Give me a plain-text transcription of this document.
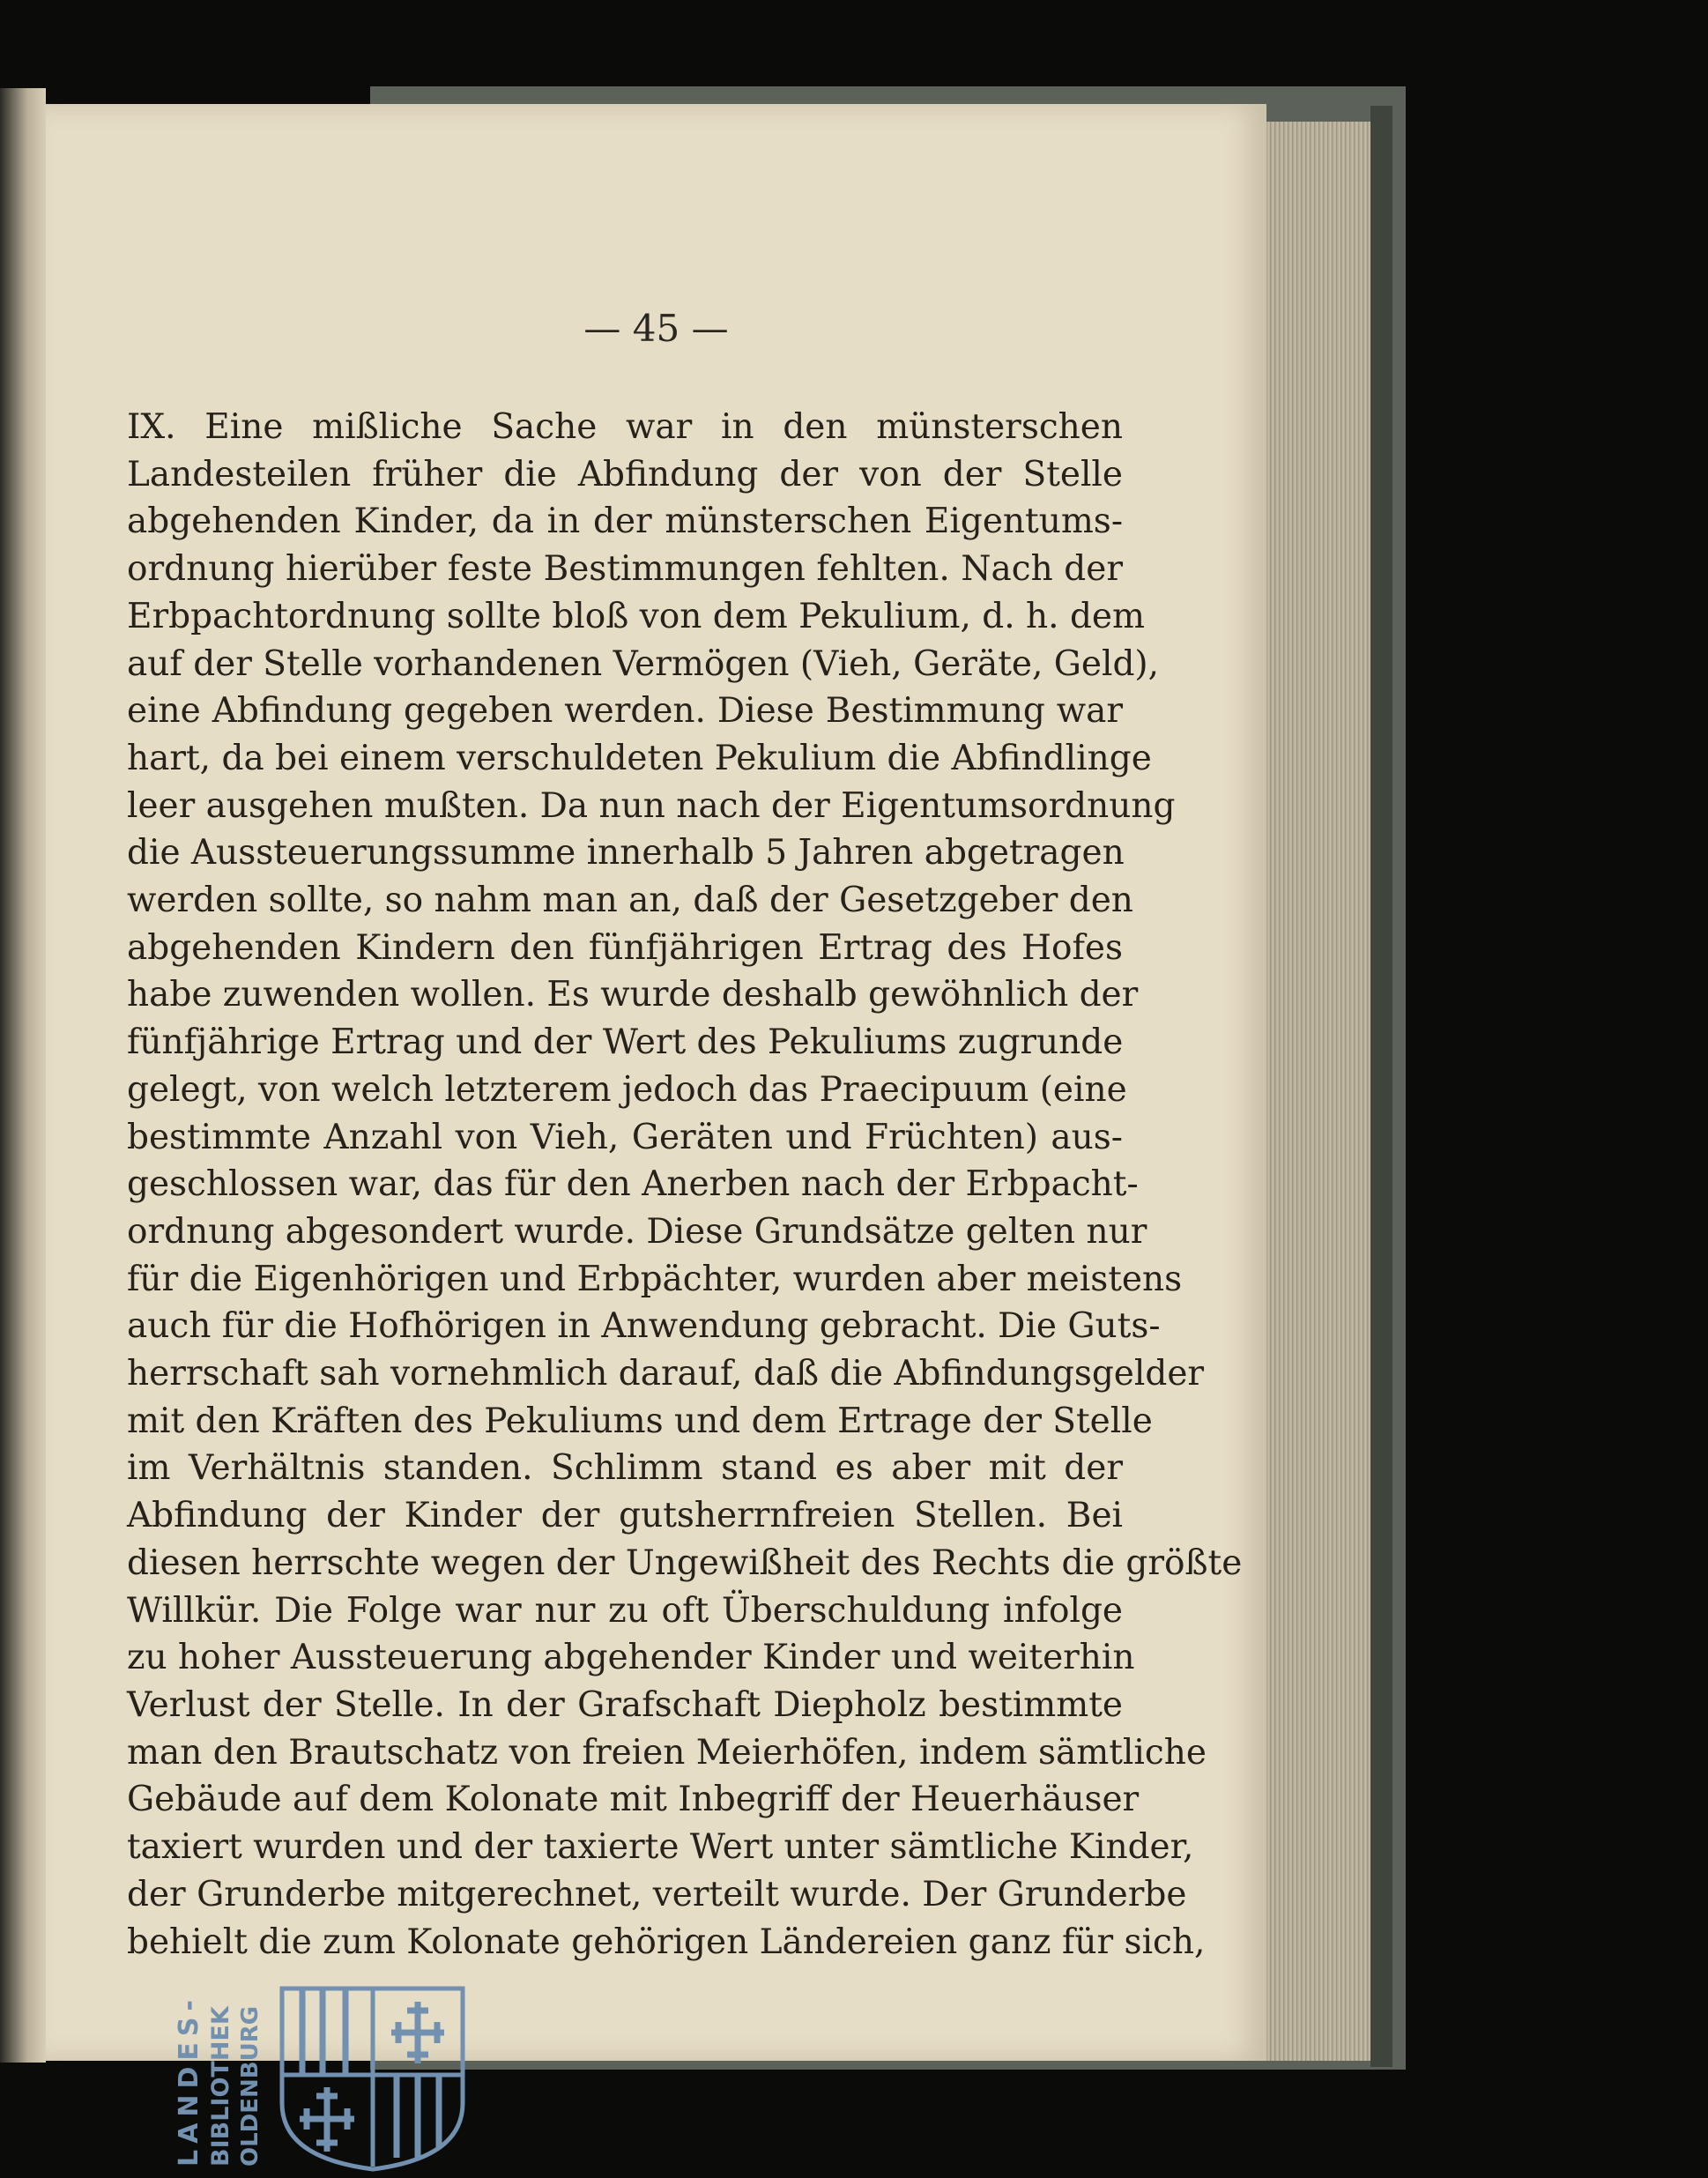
— 45 —
IX. Eine mißliche Sache war in den münsterschen
Landesteilen früher die Abfindung der von der Stelle
abgehenden Kinder, da in der münsterschen Eigentums-
ordnung hierüber feste Bestimmungen fehlten. Nach der
Erbpachtordnung sollte bloß von dem Pekulium, d. h. dem
auf der Stelle vorhandenen Vermögen (Vieh, Geräte, Geld),
eine Abfindung gegeben werden. Diese Bestimmung war
hart, da bei einem verschuldeten Pekulium die Abfindlinge
leer ausgehen mußten. Da nun nach der Eigentumsordnung
die Aussteuerungssumme innerhalb 5 Jahren abgetragen
werden sollte, so nahm man an, daß der Gesetzgeber den
abgehenden Kindern den fünfjährigen Ertrag des Hofes
habe zuwenden wollen. Es wurde deshalb gewöhnlich der
fünfjährige Ertrag und der Wert des Pekuliums zugrunde
gelegt, von welch letzterem jedoch das Praecipuum (eine
bestimmte Anzahl von Vieh, Geräten und Früchten) aus-
geschlossen war, das für den Anerben nach der Erbpacht-
ordnung abgesondert wurde. Diese Grundsätze gelten nur
für die Eigenhörigen und Erbpächter, wurden aber meistens
auch für die Hofhörigen in Anwendung gebracht. Die Guts-
herrschaft sah vornehmlich darauf, daß die Abfindungsgelder
mit den Kräften des Pekuliums und dem Ertrage der Stelle
im Verhältnis standen. Schlimm stand es aber mit der
Abfindung der Kinder der gutsherrnfreien Stellen. Bei
diesen herrschte wegen der Ungewißheit des Rechts die größte
Willkür. Die Folge war nur zu oft Überschuldung infolge
zu hoher Aussteuerung abgehender Kinder und weiterhin
Verlust der Stelle. In der Grafschaft Diepholz bestimmte
man den Brautschatz von freien Meierhöfen, indem sämtliche
Gebäude auf dem Kolonate mit Inbegriff der Heuerhäuser
taxiert wurden und der taxierte Wert unter sämtliche Kinder,
der Grunderbe mitgerechnet, verteilt wurde. Der Grunderbe
behielt die zum Kolonate gehörigen Ländereien ganz für sich,
LANDES- BIBLIOTHEK OLDENBURG
